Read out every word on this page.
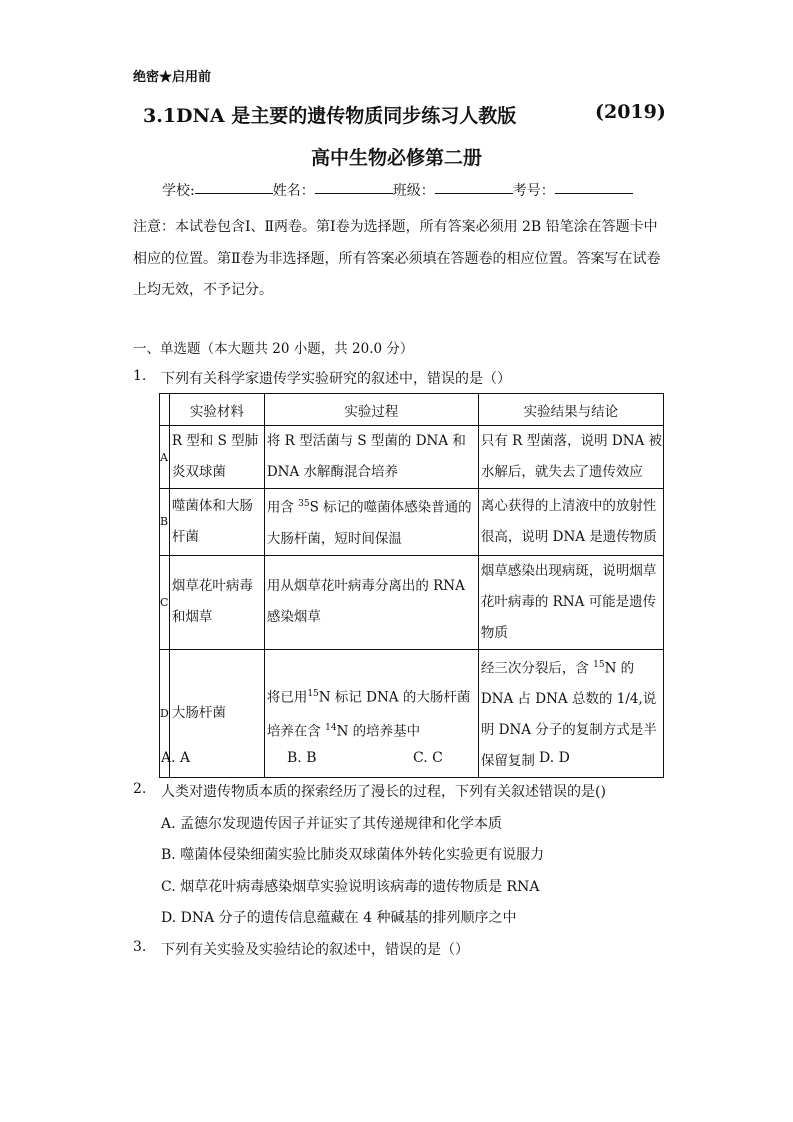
绝密★启用前
3.1DNA 是主要的遗传物质同步练习人教版	(2019)
高中生物必修第二册
学校:	姓名：	班级：	考号：
注意：本试卷包含Ⅰ、Ⅱ两卷。第Ⅰ卷为选择题，所有答案必须用 2B 铅笔涂在答题卡中相应的位置。第Ⅱ卷为非选择题，所有答案必须填在答题卷的相应位置。答案写在试卷上均无效，不予记分。
一、单选题（本大题共 20 小题，共 20.0 分）
1. 下列有关科学家遗传学实验研究的叙述中，错误的是（）
	实验材料	实验过程	实验结果与结论
A	R 型和 S 型肺炎双球菌	将 R 型活菌与 S 型菌的 DNA 和 DNA 水解酶混合培养	只有 R 型菌落，说明 DNA 被水解后，就失去了遗传效应
B	噬菌体和大肠杆菌	用含 $^{35}$S 标记的噬菌体感染普通的大肠杆菌，短时间保温	离心获得的上清液中的放射性很高，说明 DNA 是遗传物质
C	烟草花叶病毒和烟草	用从烟草花叶病毒分离出的 RNA 感染烟草	烟草感染出现病斑，说明烟草花叶病毒的 RNA 可能是遗传物质
D	大肠杆菌	将已用$^{15}$N 标记 DNA 的大肠杆菌培养在含 $^{14}$N 的培养基中	经三次分裂后，含 $^{15}$N 的 DNA 占 DNA 总数的 1/4,说明 DNA 分子的复制方式是半保留复制
A. A	B. B	C. C	D. D
2. 人类对遗传物质本质的探索经历了漫长的过程，下列有关叙述错误的是()
A. 孟德尔发现遗传因子并证实了其传递规律和化学本质
B. 噬菌体侵染细菌实验比肺炎双球菌体外转化实验更有说服力
C. 烟草花叶病毒感染烟草实验说明该病毒的遗传物质是 RNA
D. DNA 分子的遗传信息蕴藏在 4 种碱基的排列顺序之中
3. 下列有关实验及实验结论的叙述中，错误的是（）
